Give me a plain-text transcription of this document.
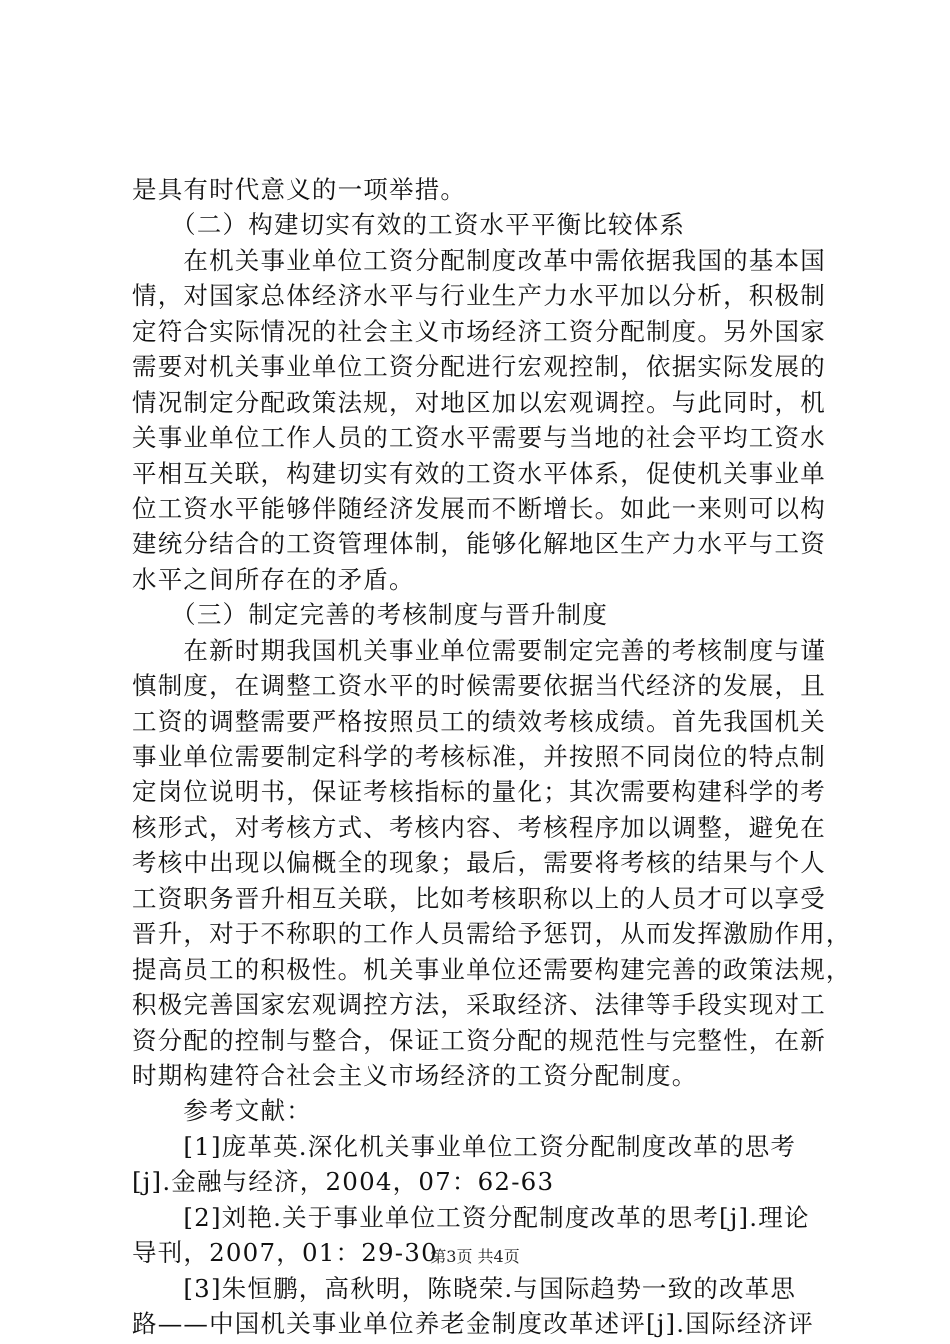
是具有时代意义的一项举措。
　　（二）构建切实有效的工资水平平衡比较体系
　　在机关事业单位工资分配制度改革中需依据我国的基本国
情，对国家总体经济水平与行业生产力水平加以分析，积极制
定符合实际情况的社会主义市场经济工资分配制度。另外国家
需要对机关事业单位工资分配进行宏观控制，依据实际发展的
情况制定分配政策法规，对地区加以宏观调控。与此同时，机
关事业单位工作人员的工资水平需要与当地的社会平均工资水
平相互关联，构建切实有效的工资水平体系，促使机关事业单
位工资水平能够伴随经济发展而不断增长。如此一来则可以构
建统分结合的工资管理体制，能够化解地区生产力水平与工资
水平之间所存在的矛盾。
　　（三）制定完善的考核制度与晋升制度
　　在新时期我国机关事业单位需要制定完善的考核制度与谨
慎制度，在调整工资水平的时候需要依据当代经济的发展，且
工资的调整需要严格按照员工的绩效考核成绩。首先我国机关
事业单位需要制定科学的考核标准，并按照不同岗位的特点制
定岗位说明书，保证考核指标的量化；其次需要构建科学的考
核形式，对考核方式、考核内容、考核程序加以调整，避免在
考核中出现以偏概全的现象；最后，需要将考核的结果与个人
工资职务晋升相互关联，比如考核职称以上的人员才可以享受
晋升，对于不称职的工作人员需给予惩罚，从而发挥激励作用，
提高员工的积极性。机关事业单位还需要构建完善的政策法规，
积极完善国家宏观调控方法，采取经济、法律等手段实现对工
资分配的控制与整合，保证工资分配的规范性与完整性，在新
时期构建符合社会主义市场经济的工资分配制度。
　　参考文献：
　　[1]庞革英.深化机关事业单位工资分配制度改革的思考
[j].金融与经济，2004，07：62-63
　　[2]刘艳.关于事业单位工资分配制度改革的思考[j].理论
导刊，2007，01：29-30
　　[3]朱恒鹏，高秋明，陈晓荣.与国际趋势一致的改革思
路——中国机关事业单位养老金制度改革述评[j].国际经济评
第3页 共4页
